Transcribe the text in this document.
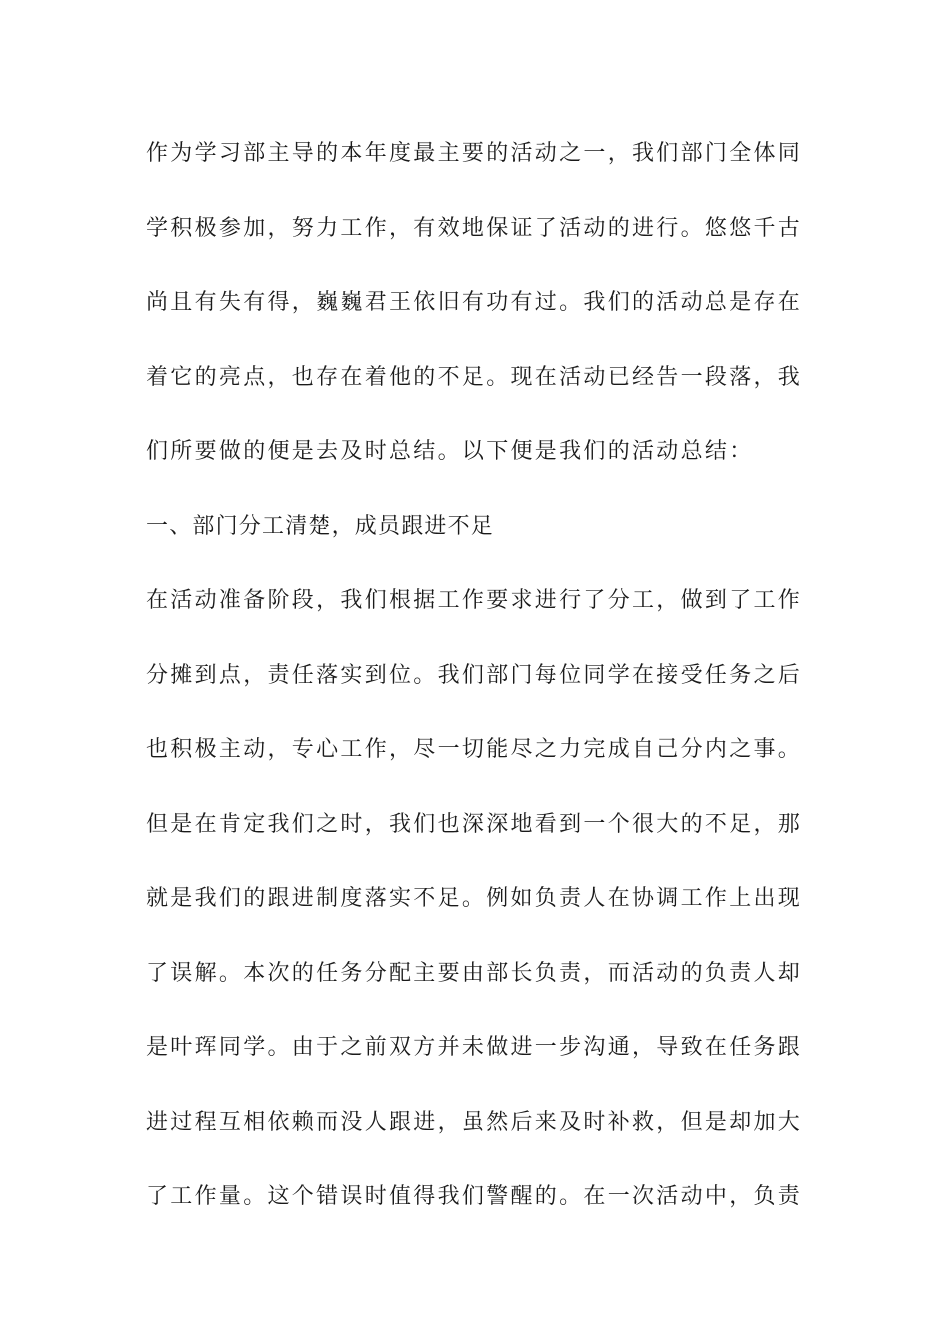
作为学习部主导的本年度最主要的活动之一，我们部门全体同
学积极参加，努力工作，有效地保证了活动的进行。悠悠千古
尚且有失有得，巍巍君王依旧有功有过。我们的活动总是存在
着它的亮点，也存在着他的不足。现在活动已经告一段落，我
们所要做的便是去及时总结。以下便是我们的活动总结：
一、部门分工清楚，成员跟进不足
在活动准备阶段，我们根据工作要求进行了分工，做到了工作
分摊到点，责任落实到位。我们部门每位同学在接受任务之后
也积极主动，专心工作，尽一切能尽之力完成自己分内之事。
但是在肯定我们之时，我们也深深地看到一个很大的不足，那
就是我们的跟进制度落实不足。例如负责人在协调工作上出现
了误解。本次的任务分配主要由部长负责，而活动的负责人却
是叶珲同学。由于之前双方并未做进一步沟通，导致在任务跟
进过程互相依赖而没人跟进，虽然后来及时补救，但是却加大
了工作量。这个错误时值得我们警醒的。在一次活动中，负责
